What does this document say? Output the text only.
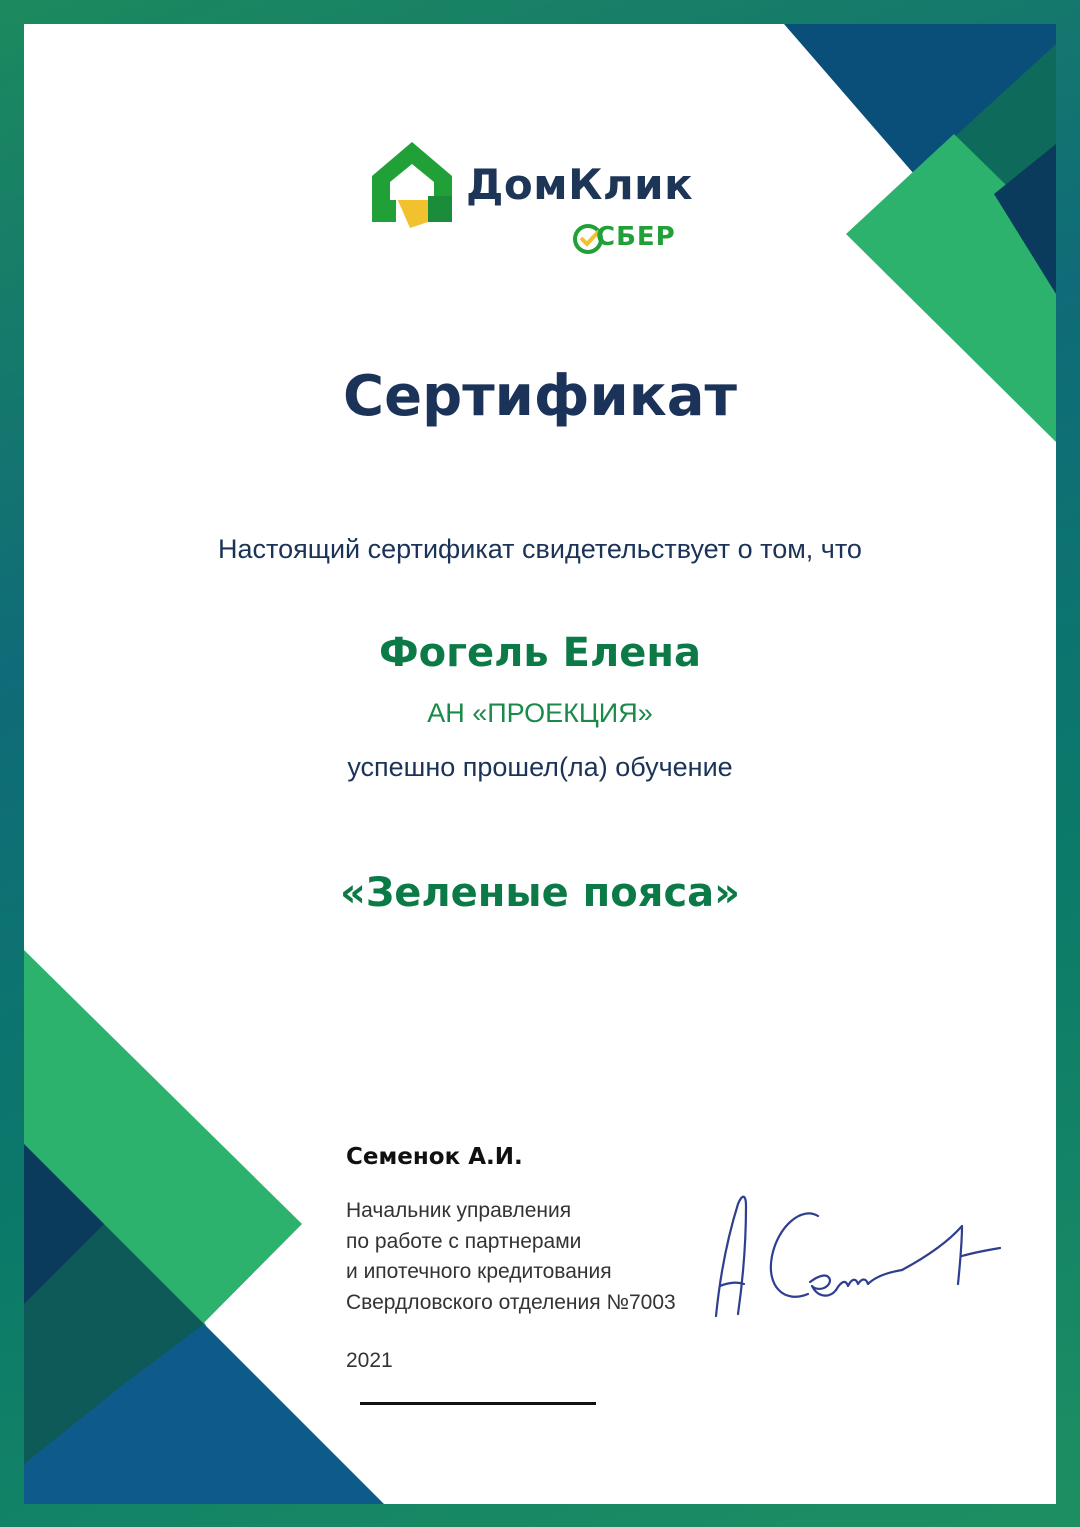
ДомКлик
СБЕР
Сертификат
Настоящий сертификат свидетельствует о том, что
Фогель Елена
АН «ПРОЕКЦИЯ»
успешно прошел(ла) обучение
«Зеленые пояса»
Семенок А.И.
Начальник управления
по работе с партнерами
и ипотечного кредитования
Свердловского отделения №7003
2021
